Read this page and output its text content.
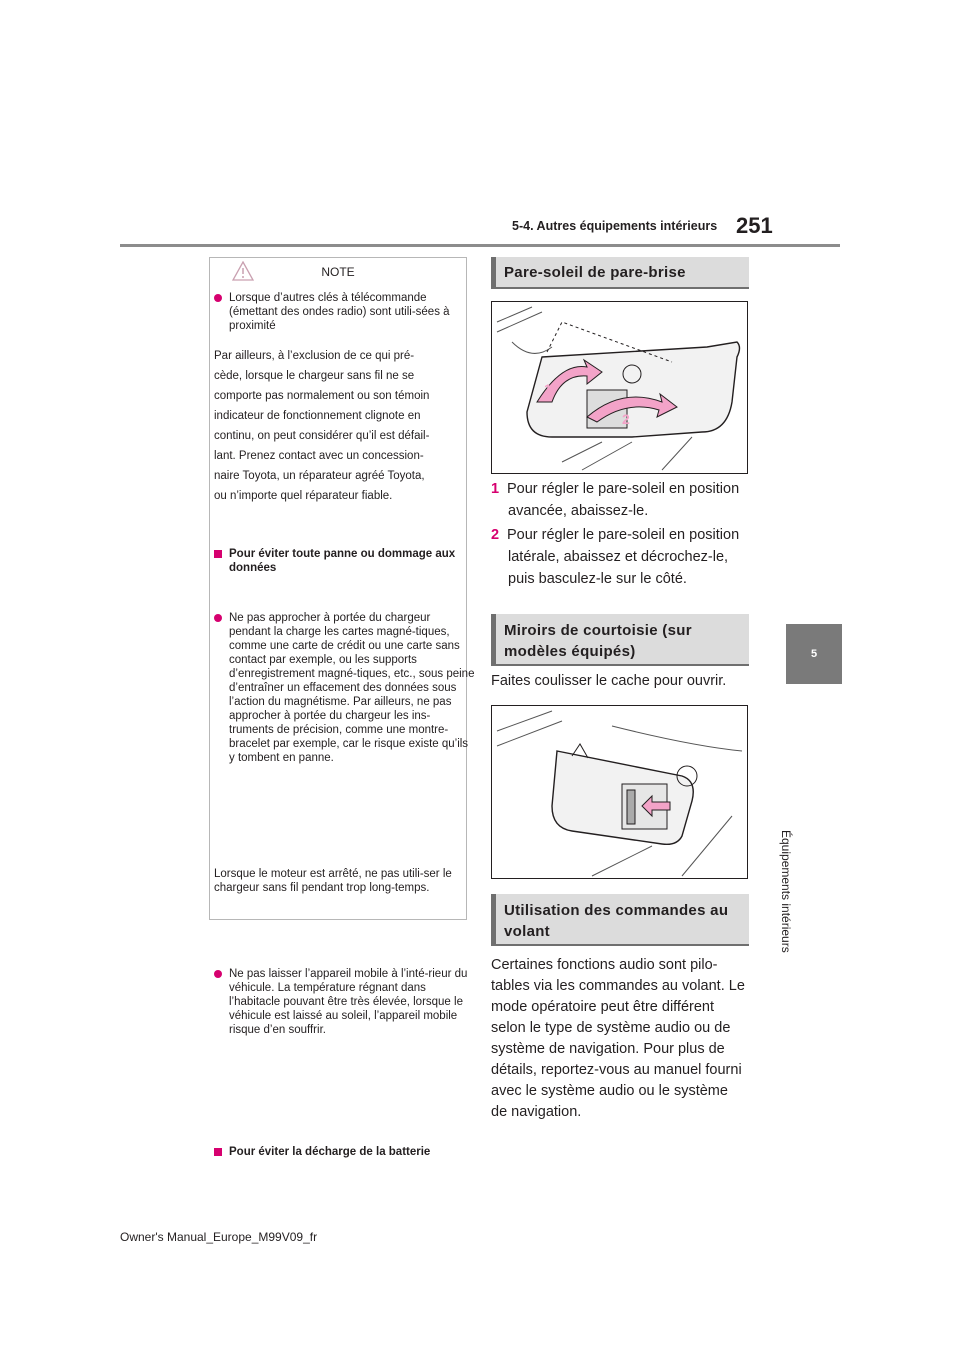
5-4. Autres équipements intérieurs 251
5
Équipements intérieurs
NOTE
Lorsque d’autres clés à télécommande (émettant des ondes radio) sont utili-sées à proximité
Par ailleurs, à l’exclusion de ce qui pré-
cède, lorsque le chargeur sans fil ne se
comporte pas normalement ou son témoin
indicateur de fonctionnement clignote en
continu, on peut considérer qu’il est défail-
lant. Prenez contact avec un concession-
naire Toyota, un réparateur agréé Toyota,
ou n’importe quel réparateur fiable.
Pour éviter toute panne ou dommage aux données
Ne pas approcher à portée du chargeur pendant la charge les cartes magné-tiques, comme une carte de crédit ou une carte sans contact par exemple, ou les supports d’enregistrement magné-tiques, etc., sous peine d’entraîner un effacement des données sous l’action du magnétisme. Par ailleurs, ne pas approcher à portée du chargeur les ins-truments de précision, comme une montre-bracelet par exemple, car le risque existe qu’ils y tombent en panne.
Ne pas laisser l’appareil mobile à l’inté-rieur du véhicule. La température régnant dans l’habitacle pouvant être très élevée, lorsque le véhicule est laissé au soleil, l’appareil mobile risque d’en souffrir.
Pour éviter la décharge de la batterie
Lorsque le moteur est arrêté, ne pas utili-ser le chargeur sans fil pendant trop long-temps.
Pare-soleil de pare-brise
1
2
1 Pour régler le pare-soleil en position
avancée, abaissez-le.
2 Pour régler le pare-soleil en position
latérale, abaissez et décrochez-le,
puis basculez-le sur le côté.
Miroirs de courtoisie (sur
modèles équipés)
Faites coulisser le cache pour ouvrir.
Utilisation des commandes au
volant
Certaines fonctions audio sont pilo-
tables via les commandes au volant. Le
mode opératoire peut être différent
selon le type de système audio ou de
système de navigation. Pour plus de
détails, reportez-vous au manuel fourni
avec le système audio ou le système
de navigation.
Owner's Manual_Europe_M99V09_fr
